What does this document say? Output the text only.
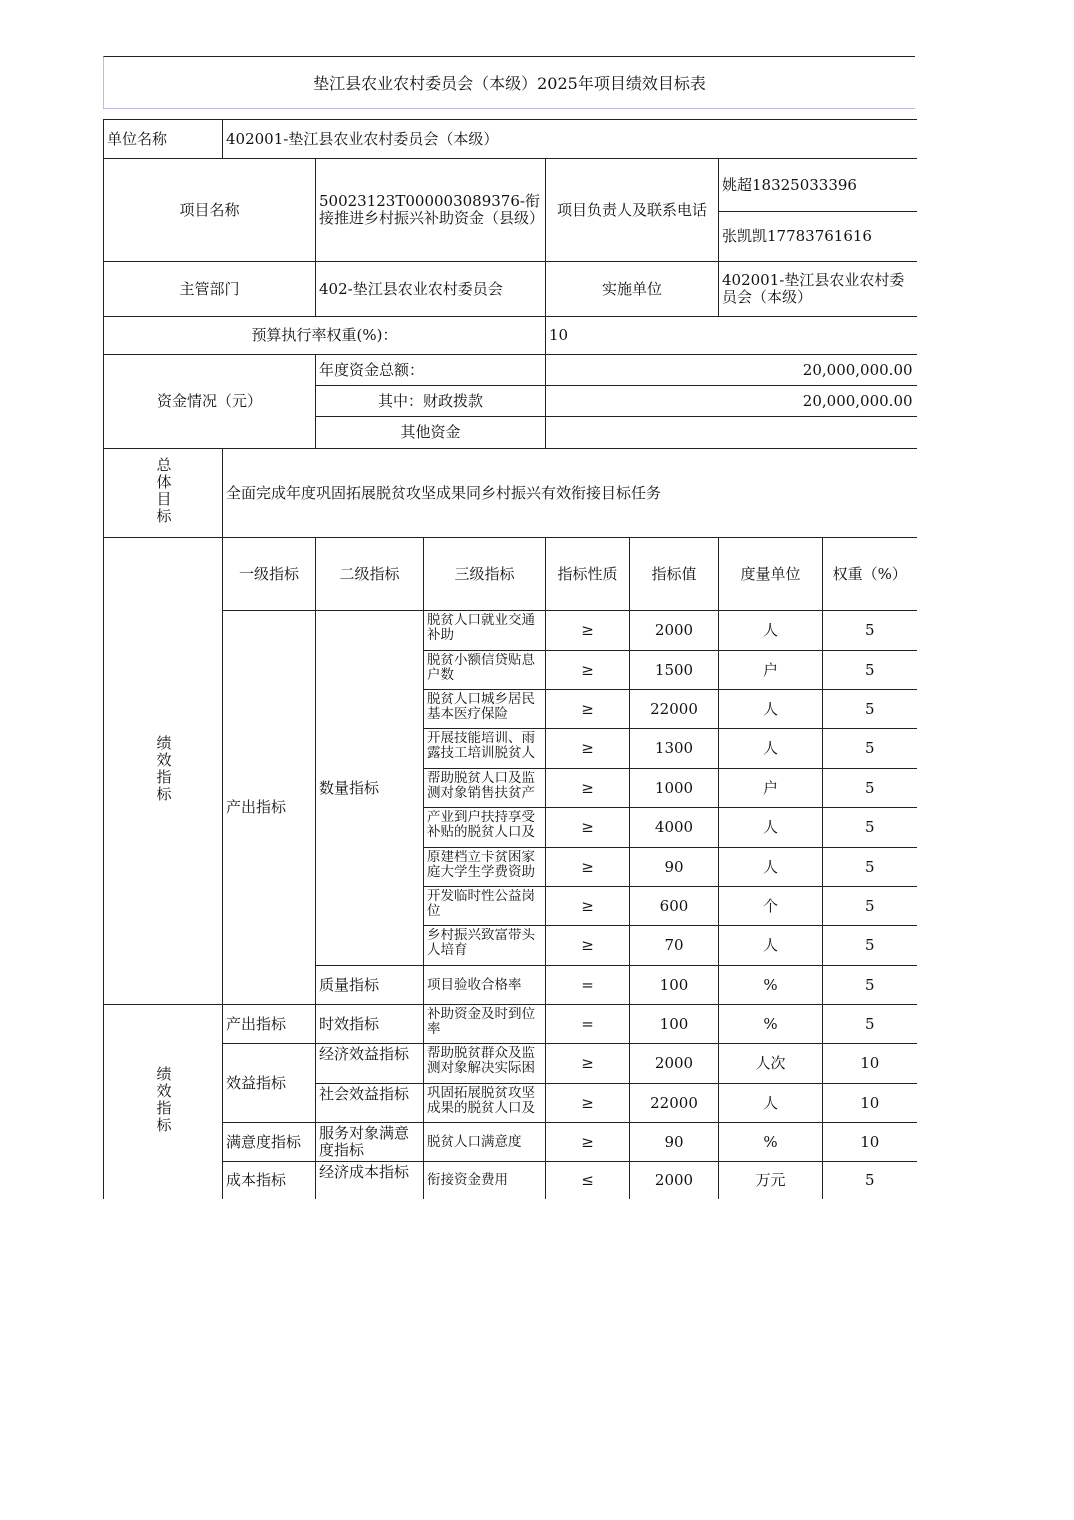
垫江县农业农村委员会（本级）2025年项目绩效目标表
单位名称	402001-垫江县农业农村委员会（本级）						
项目名称		50023123T000003089376-衔接推进乡村振兴补助资金（县级）		项目负责人及联系电话		姚超18325033396	
						张凯凯17783761616	
主管部门		402-垫江县农业农村委员会		实施单位		402001-垫江县农业农村委员会（本级）	
预算执行率权重(%)：				10			
资金情况（元）		年度资金总额：		20,000,000.00			
		其中：财政拨款		20,000,000.00			
		其他资金					
总体目标	全面完成年度巩固拓展脱贫攻坚成果同乡村振兴有效衔接目标任务						
绩效指标	一级指标	二级指标	三级指标	指标性质	指标值	度量单位	权重（%）
	产出指标	数量指标	脱贫人口就业交通补助	≥	2000	人	5

			脱贫小额信贷贴息户数	≥	1500	户	5

			脱贫人口城乡居民基本医疗保险	≥	22000	人	5

			开展技能培训、雨露技工培训脱贫人	≥	1300	人	5

			帮助脱贫人口及监测对象销售扶贫产	≥	1000	户	5

			产业到户扶持享受补贴的脱贫人口及	≥	4000	人	5

			原建档立卡贫困家庭大学生学费资助	≥	90	人	5

			开发临时性公益岗位	≥	600	个	5

			乡村振兴致富带头人培育	≥	70	人	5
		质量指标	项目验收合格率	=	100	%	5
绩效指标	产出指标	时效指标	补助资金及时到位率	=	100	%	5
	效益指标	经济效益指标	帮助脱贫群众及监测对象解决实际困	≥	2000	人次	10

		社会效益指标	巩固拓展脱贫攻坚成果的脱贫人口及	≥	22000	人	10
	满意度指标	服务对象满意度指标	脱贫人口满意度	≥	90	%	10
	成本指标	经济成本指标	衔接资金费用	≤	2000	万元	5
